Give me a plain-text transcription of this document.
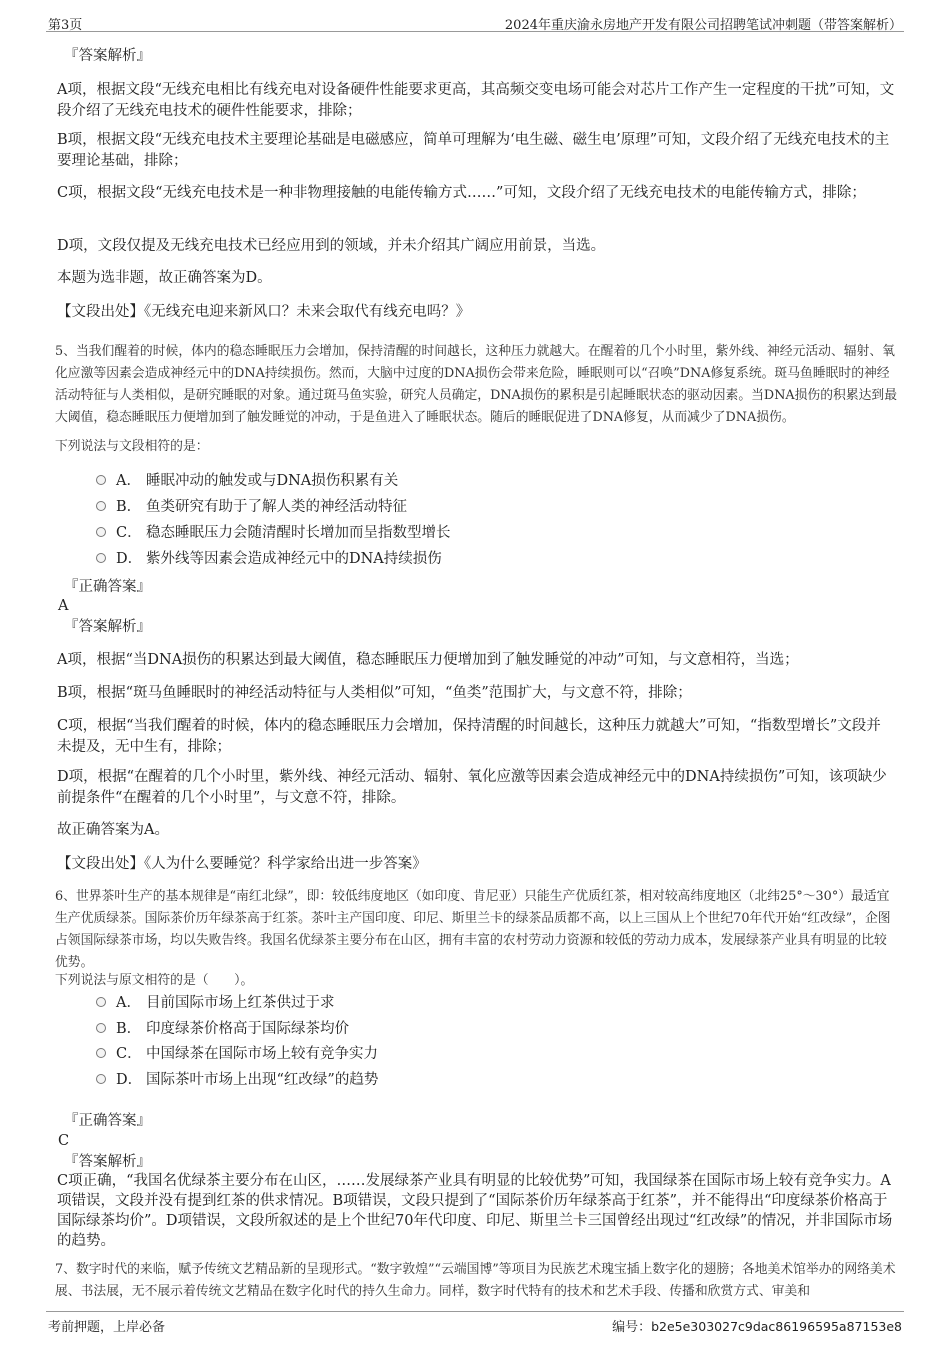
第3页	2024年重庆渝永房地产开发有限公司招聘笔试冲刺题（带答案解析）
『答案解析』
A项，根据文段“无线充电相比有线充电对设备硬件性能要求更高，其高频交变电场可能会对芯片工作产生一定程度的干扰”可知，文段介绍了无线充电技术的硬件性能要求，排除；
B项，根据文段“无线充电技术主要理论基础是电磁感应，简单可理解为‘电生磁、磁生电’原理”可知，文段介绍了无线充电技术的主要理论基础，排除；
C项，根据文段“无线充电技术是一种非物理接触的电能传输方式……”可知，文段介绍了无线充电技术的电能传输方式，排除；
D项，文段仅提及无线充电技术已经应用到的领域，并未介绍其广阔应用前景，当选。
本题为选非题，故正确答案为D。
【文段出处】《无线充电迎来新风口？未来会取代有线充电吗？》
5、当我们醒着的时候，体内的稳态睡眠压力会增加，保持清醒的时间越长，这种压力就越大。在醒着的几个小时里，紫外线、神经元活动、辐射、氧化应激等因素会造成神经元中的DNA持续损伤。然而，大脑中过度的DNA损伤会带来危险，睡眠则可以“召唤”DNA修复系统。斑马鱼睡眠时的神经活动特征与人类相似，是研究睡眠的对象。通过斑马鱼实验，研究人员确定，DNA损伤的累积是引起睡眠状态的驱动因素。当DNA损伤的积累达到最大阈值，稳态睡眠压力便增加到了触发睡觉的冲动，于是鱼进入了睡眠状态。随后的睡眠促进了DNA修复，从而减少了DNA损伤。
下列说法与文段相符的是：
A． 睡眠冲动的触发或与DNA损伤积累有关
B． 鱼类研究有助于了解人类的神经活动特征
C． 稳态睡眠压力会随清醒时长增加而呈指数型增长
D． 紫外线等因素会造成神经元中的DNA持续损伤
『正确答案』
A
『答案解析』
A项，根据“当DNA损伤的积累达到最大阈值，稳态睡眠压力便增加到了触发睡觉的冲动”可知，与文意相符，当选；
B项，根据“斑马鱼睡眠时的神经活动特征与人类相似”可知，“鱼类”范围扩大，与文意不符，排除；
C项，根据“当我们醒着的时候，体内的稳态睡眠压力会增加，保持清醒的时间越长，这种压力就越大”可知，“指数型增长”文段并未提及，无中生有，排除；
D项，根据“在醒着的几个小时里，紫外线、神经元活动、辐射、氧化应激等因素会造成神经元中的DNA持续损伤”可知，该项缺少前提条件“在醒着的几个小时里”，与文意不符，排除。
故正确答案为A。
【文段出处】《人为什么要睡觉？科学家给出进一步答案》
6、世界茶叶生产的基本规律是“南红北绿”，即：较低纬度地区（如印度、肯尼亚）只能生产优质红茶，相对较高纬度地区（北纬25°～30°）最适宜生产优质绿茶。国际茶价历年绿茶高于红茶。茶叶主产国印度、印尼、斯里兰卡的绿茶品质都不高，以上三国从上个世纪70年代开始“红改绿”，企图占领国际绿茶市场，均以失败告终。我国名优绿茶主要分布在山区，拥有丰富的农村劳动力资源和较低的劳动力成本，发展绿茶产业具有明显的比较优势。
下列说法与原文相符的是（　　）。
A． 目前国际市场上红茶供过于求
B． 印度绿茶价格高于国际绿茶均价
C． 中国绿茶在国际市场上较有竞争实力
D． 国际茶叶市场上出现“红改绿”的趋势
『正确答案』
C
『答案解析』
C项正确，“我国名优绿茶主要分布在山区，……发展绿茶产业具有明显的比较优势”可知，我国绿茶在国际市场上较有竞争实力。A项错误，文段并没有提到红茶的供求情况。B项错误，文段只提到了“国际茶价历年绿茶高于红茶”，并不能得出“印度绿茶价格高于国际绿茶均价”。D项错误，文段所叙述的是上个世纪70年代印度、印尼、斯里兰卡三国曾经出现过“红改绿”的情况，并非国际市场的趋势。
7、数字时代的来临，赋予传统文艺精品新的呈现形式。“数字敦煌”“云端国博”等项目为民族艺术瑰宝插上数字化的翅膀；各地美术馆举办的网络美术展、书法展，无不展示着传统文艺精品在数字化时代的持久生命力。同样，数字时代特有的技术和艺术手段、传播和欣赏方式、审美和
考前押题，上岸必备	编号：b2e5e303027c9dac86196595a87153e8
